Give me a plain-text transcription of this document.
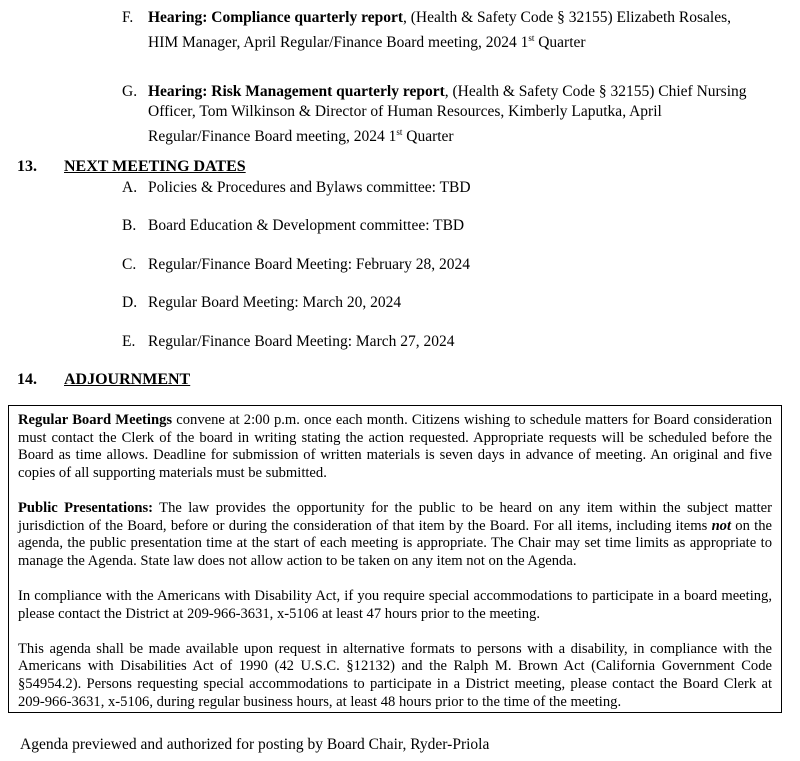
F. Hearing: Compliance quarterly report, (Health & Safety Code § 32155) Elizabeth Rosales,
HIM Manager, April Regular/Finance Board meeting, 2024 1st Quarter
G. Hearing: Risk Management quarterly report, (Health & Safety Code § 32155) Chief Nursing
Officer, Tom Wilkinson & Director of Human Resources, Kimberly Laputka, April
Regular/Finance Board meeting, 2024 1st Quarter
13. NEXT MEETING DATES
A. Policies & Procedures and Bylaws committee: TBD
B. Board Education & Development committee: TBD
C. Regular/Finance Board Meeting: February 28, 2024
D. Regular Board Meeting: March 20, 2024
E. Regular/Finance Board Meeting: March 27, 2024
14. ADJOURNMENT

Regular Board Meetings convene at 2:00 p.m. once each month. Citizens wishing to schedule matters for Board consideration must contact the Clerk of the board in writing stating the action requested. Appropriate requests will be scheduled before the Board as time allows. Deadline for submission of written materials is seven days in advance of meeting. An original and five copies of all supporting materials must be submitted.

Public Presentations: The law provides the opportunity for the public to be heard on any item within the subject matter jurisdiction of the Board, before or during the consideration of that item by the Board. For all items, including items not on the agenda, the public presentation time at the start of each meeting is appropriate. The Chair may set time limits as appropriate to manage the Agenda. State law does not allow action to be taken on any item not on the Agenda.

In compliance with the Americans with Disability Act, if you require special accommodations to participate in a board meeting, please contact the District at 209-966-3631, x-5106 at least 47 hours prior to the meeting.

This agenda shall be made available upon request in alternative formats to persons with a disability, in compliance with the Americans with Disabilities Act of 1990 (42 U.S.C. §12132) and the Ralph M. Brown Act (California Government Code §54954.2). Persons requesting special accommodations to participate in a District meeting, please contact the Board Clerk at 209-966-3631, x-5106, during regular business hours, at least 48 hours prior to the time of the meeting.

Agenda previewed and authorized for posting by Board Chair, Ryder-Priola
